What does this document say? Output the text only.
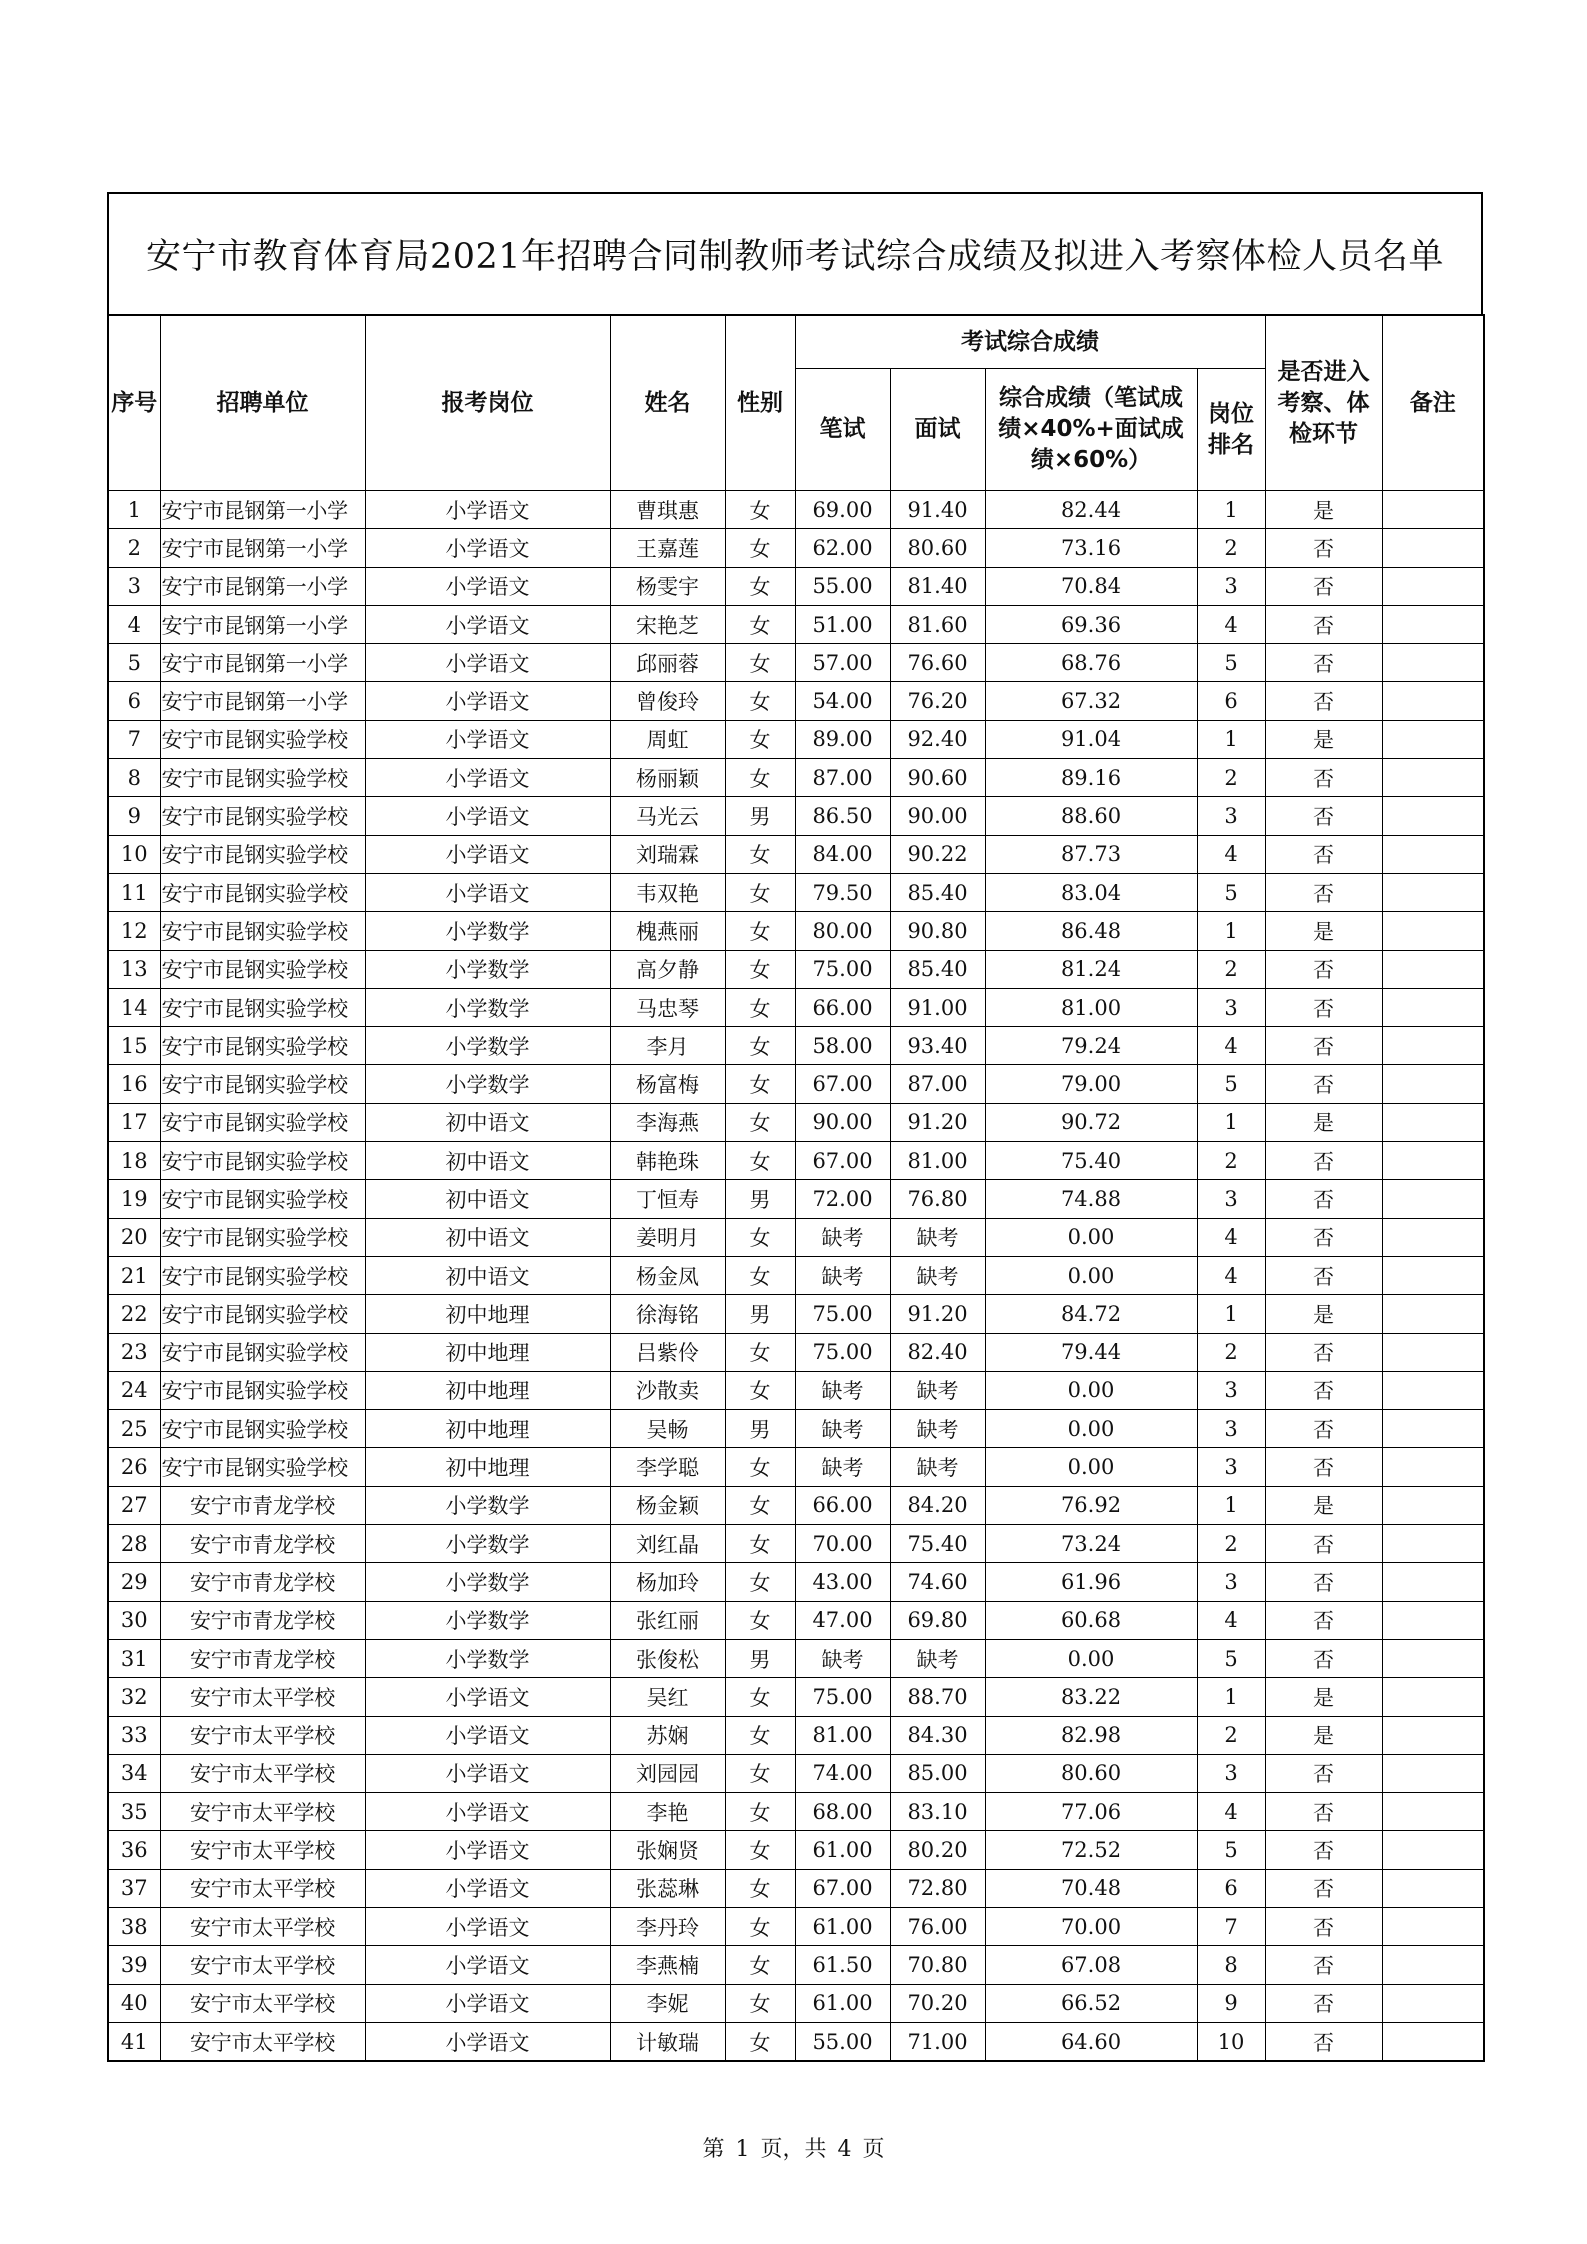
安宁市教育体育局2021年招聘合同制教师考试综合成绩及拟进入考察体检人员名单
序号	招聘单位	报考岗位	姓名	性别	考试综合成绩				是否进入考察、体检环节	备注
					笔试	面试	综合成绩（笔试成绩×40%+面试成绩×60%）	岗位排名		
1	安宁市昆钢第一小学	小学语文	曹琪惠	女	69.00	91.40	82.44	1	是	
2	安宁市昆钢第一小学	小学语文	王嘉莲	女	62.00	80.60	73.16	2	否	
3	安宁市昆钢第一小学	小学语文	杨雯宇	女	55.00	81.40	70.84	3	否	
4	安宁市昆钢第一小学	小学语文	宋艳芝	女	51.00	81.60	69.36	4	否	
5	安宁市昆钢第一小学	小学语文	邱丽蓉	女	57.00	76.60	68.76	5	否	
6	安宁市昆钢第一小学	小学语文	曾俊玲	女	54.00	76.20	67.32	6	否	
7	安宁市昆钢实验学校	小学语文	周虹	女	89.00	92.40	91.04	1	是	
8	安宁市昆钢实验学校	小学语文	杨丽颖	女	87.00	90.60	89.16	2	否	
9	安宁市昆钢实验学校	小学语文	马光云	男	86.50	90.00	88.60	3	否	
10	安宁市昆钢实验学校	小学语文	刘瑞霖	女	84.00	90.22	87.73	4	否	
11	安宁市昆钢实验学校	小学语文	韦双艳	女	79.50	85.40	83.04	5	否	
12	安宁市昆钢实验学校	小学数学	槐燕丽	女	80.00	90.80	86.48	1	是	
13	安宁市昆钢实验学校	小学数学	高夕静	女	75.00	85.40	81.24	2	否	
14	安宁市昆钢实验学校	小学数学	马忠琴	女	66.00	91.00	81.00	3	否	
15	安宁市昆钢实验学校	小学数学	李月	女	58.00	93.40	79.24	4	否	
16	安宁市昆钢实验学校	小学数学	杨富梅	女	67.00	87.00	79.00	5	否	
17	安宁市昆钢实验学校	初中语文	李海燕	女	90.00	91.20	90.72	1	是	
18	安宁市昆钢实验学校	初中语文	韩艳珠	女	67.00	81.00	75.40	2	否	
19	安宁市昆钢实验学校	初中语文	丁恒寿	男	72.00	76.80	74.88	3	否	
20	安宁市昆钢实验学校	初中语文	姜明月	女	缺考	缺考	0.00	4	否	
21	安宁市昆钢实验学校	初中语文	杨金凤	女	缺考	缺考	0.00	4	否	
22	安宁市昆钢实验学校	初中地理	徐海铭	男	75.00	91.20	84.72	1	是	
23	安宁市昆钢实验学校	初中地理	吕紫伶	女	75.00	82.40	79.44	2	否	
24	安宁市昆钢实验学校	初中地理	沙散卖	女	缺考	缺考	0.00	3	否	
25	安宁市昆钢实验学校	初中地理	吴畅	男	缺考	缺考	0.00	3	否	
26	安宁市昆钢实验学校	初中地理	李学聪	女	缺考	缺考	0.00	3	否	
27	安宁市青龙学校	小学数学	杨金颖	女	66.00	84.20	76.92	1	是	
28	安宁市青龙学校	小学数学	刘红晶	女	70.00	75.40	73.24	2	否	
29	安宁市青龙学校	小学数学	杨加玲	女	43.00	74.60	61.96	3	否	
30	安宁市青龙学校	小学数学	张红丽	女	47.00	69.80	60.68	4	否	
31	安宁市青龙学校	小学数学	张俊松	男	缺考	缺考	0.00	5	否	
32	安宁市太平学校	小学语文	吴红	女	75.00	88.70	83.22	1	是	
33	安宁市太平学校	小学语文	苏娴	女	81.00	84.30	82.98	2	是	
34	安宁市太平学校	小学语文	刘园园	女	74.00	85.00	80.60	3	否	
35	安宁市太平学校	小学语文	李艳	女	68.00	83.10	77.06	4	否	
36	安宁市太平学校	小学语文	张娴贤	女	61.00	80.20	72.52	5	否	
37	安宁市太平学校	小学语文	张蕊琳	女	67.00	72.80	70.48	6	否	
38	安宁市太平学校	小学语文	李丹玲	女	61.00	76.00	70.00	7	否	
39	安宁市太平学校	小学语文	李燕楠	女	61.50	70.80	67.08	8	否	
40	安宁市太平学校	小学语文	李妮	女	61.00	70.20	66.52	9	否	
41	安宁市太平学校	小学语文	计敏瑞	女	55.00	71.00	64.60	10	否	
第 1 页，共 4 页
